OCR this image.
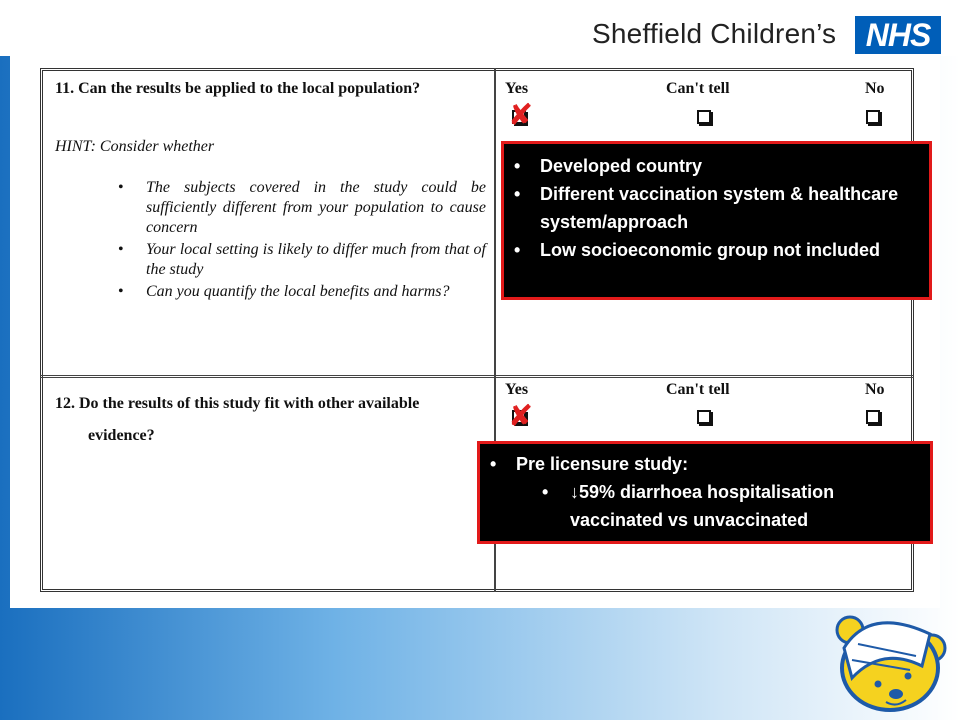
Sheffield Children’s NHS
11. Can the results be applied to the local population?
HINT: Consider whether
• The subjects covered in the study could be sufficiently different from your population to cause concern
• Your local setting is likely to differ much from that of the study
• Can you quantify the local benefits and harms?
Yes	Can't tell	No
✘
• Developed country
• Different vaccination system & healthcare system/approach
• Low socioeconomic group not included
12. Do the results of this study fit with other available
evidence?
Yes	Can't tell	No
✘
• Pre licensure study:
• ↓59% diarrhoea hospitalisation vaccinated vs unvaccinated
